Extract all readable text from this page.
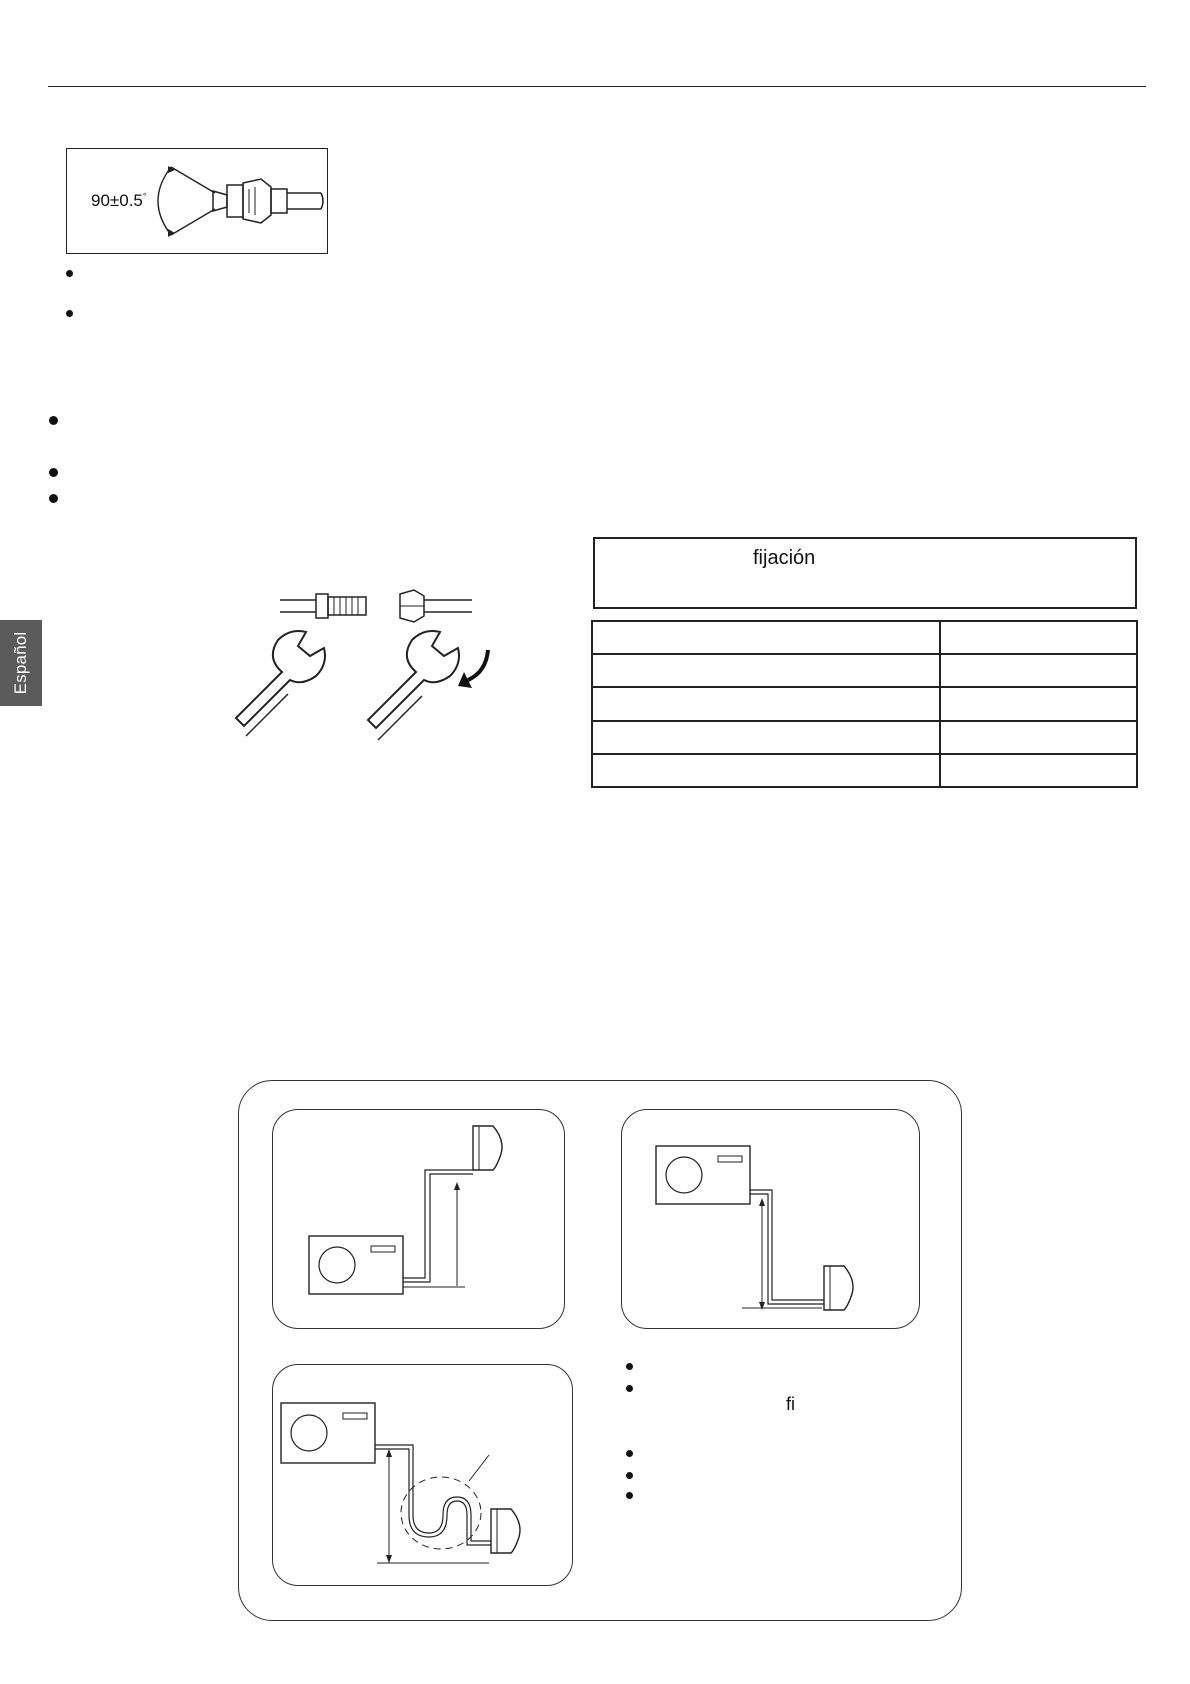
Español
90±0.5°
fijación

fi
